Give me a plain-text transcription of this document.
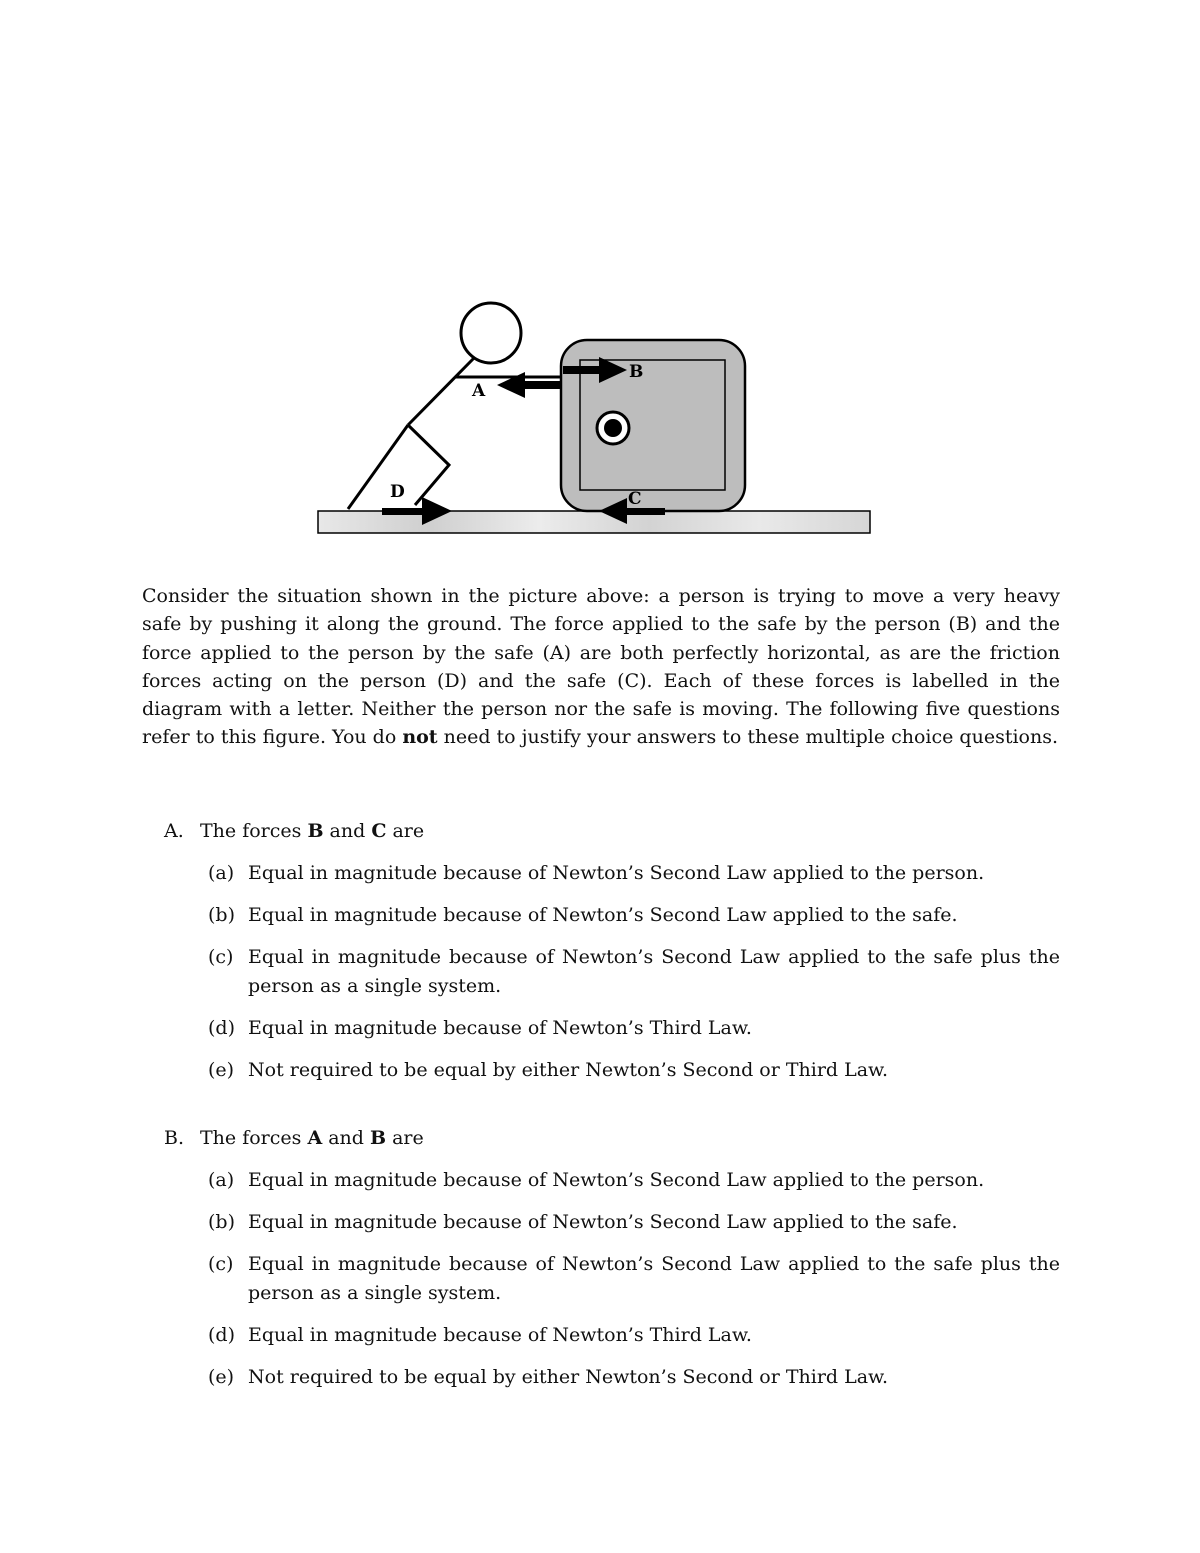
A
B
C
D

Consider the situation shown in the picture above: a person is trying to move a very heavy safe by pushing it along the ground. The force applied to the safe by the person (B) and the force applied to the person by the safe (A) are both perfectly horizontal, as are the friction forces acting on the person (D) and the safe (C). Each of these forces is labelled in the diagram with a letter. Neither the person nor the safe is moving. The following five questions refer to this figure. You do not need to justify your answers to these multiple choice questions.

A. The forces B and C are

(a) Equal in magnitude because of Newton’s Second Law applied to the person.
(b) Equal in magnitude because of Newton’s Second Law applied to the safe.
(c) Equal in magnitude because of Newton’s Second Law applied to the safe plus the person as a single system.
(d) Equal in magnitude because of Newton’s Third Law.
(e) Not required to be equal by either Newton’s Second or Third Law.

B. The forces A and B are

(a) Equal in magnitude because of Newton’s Second Law applied to the person.
(b) Equal in magnitude because of Newton’s Second Law applied to the safe.
(c) Equal in magnitude because of Newton’s Second Law applied to the safe plus the person as a single system.
(d) Equal in magnitude because of Newton’s Third Law.
(e) Not required to be equal by either Newton’s Second or Third Law.
